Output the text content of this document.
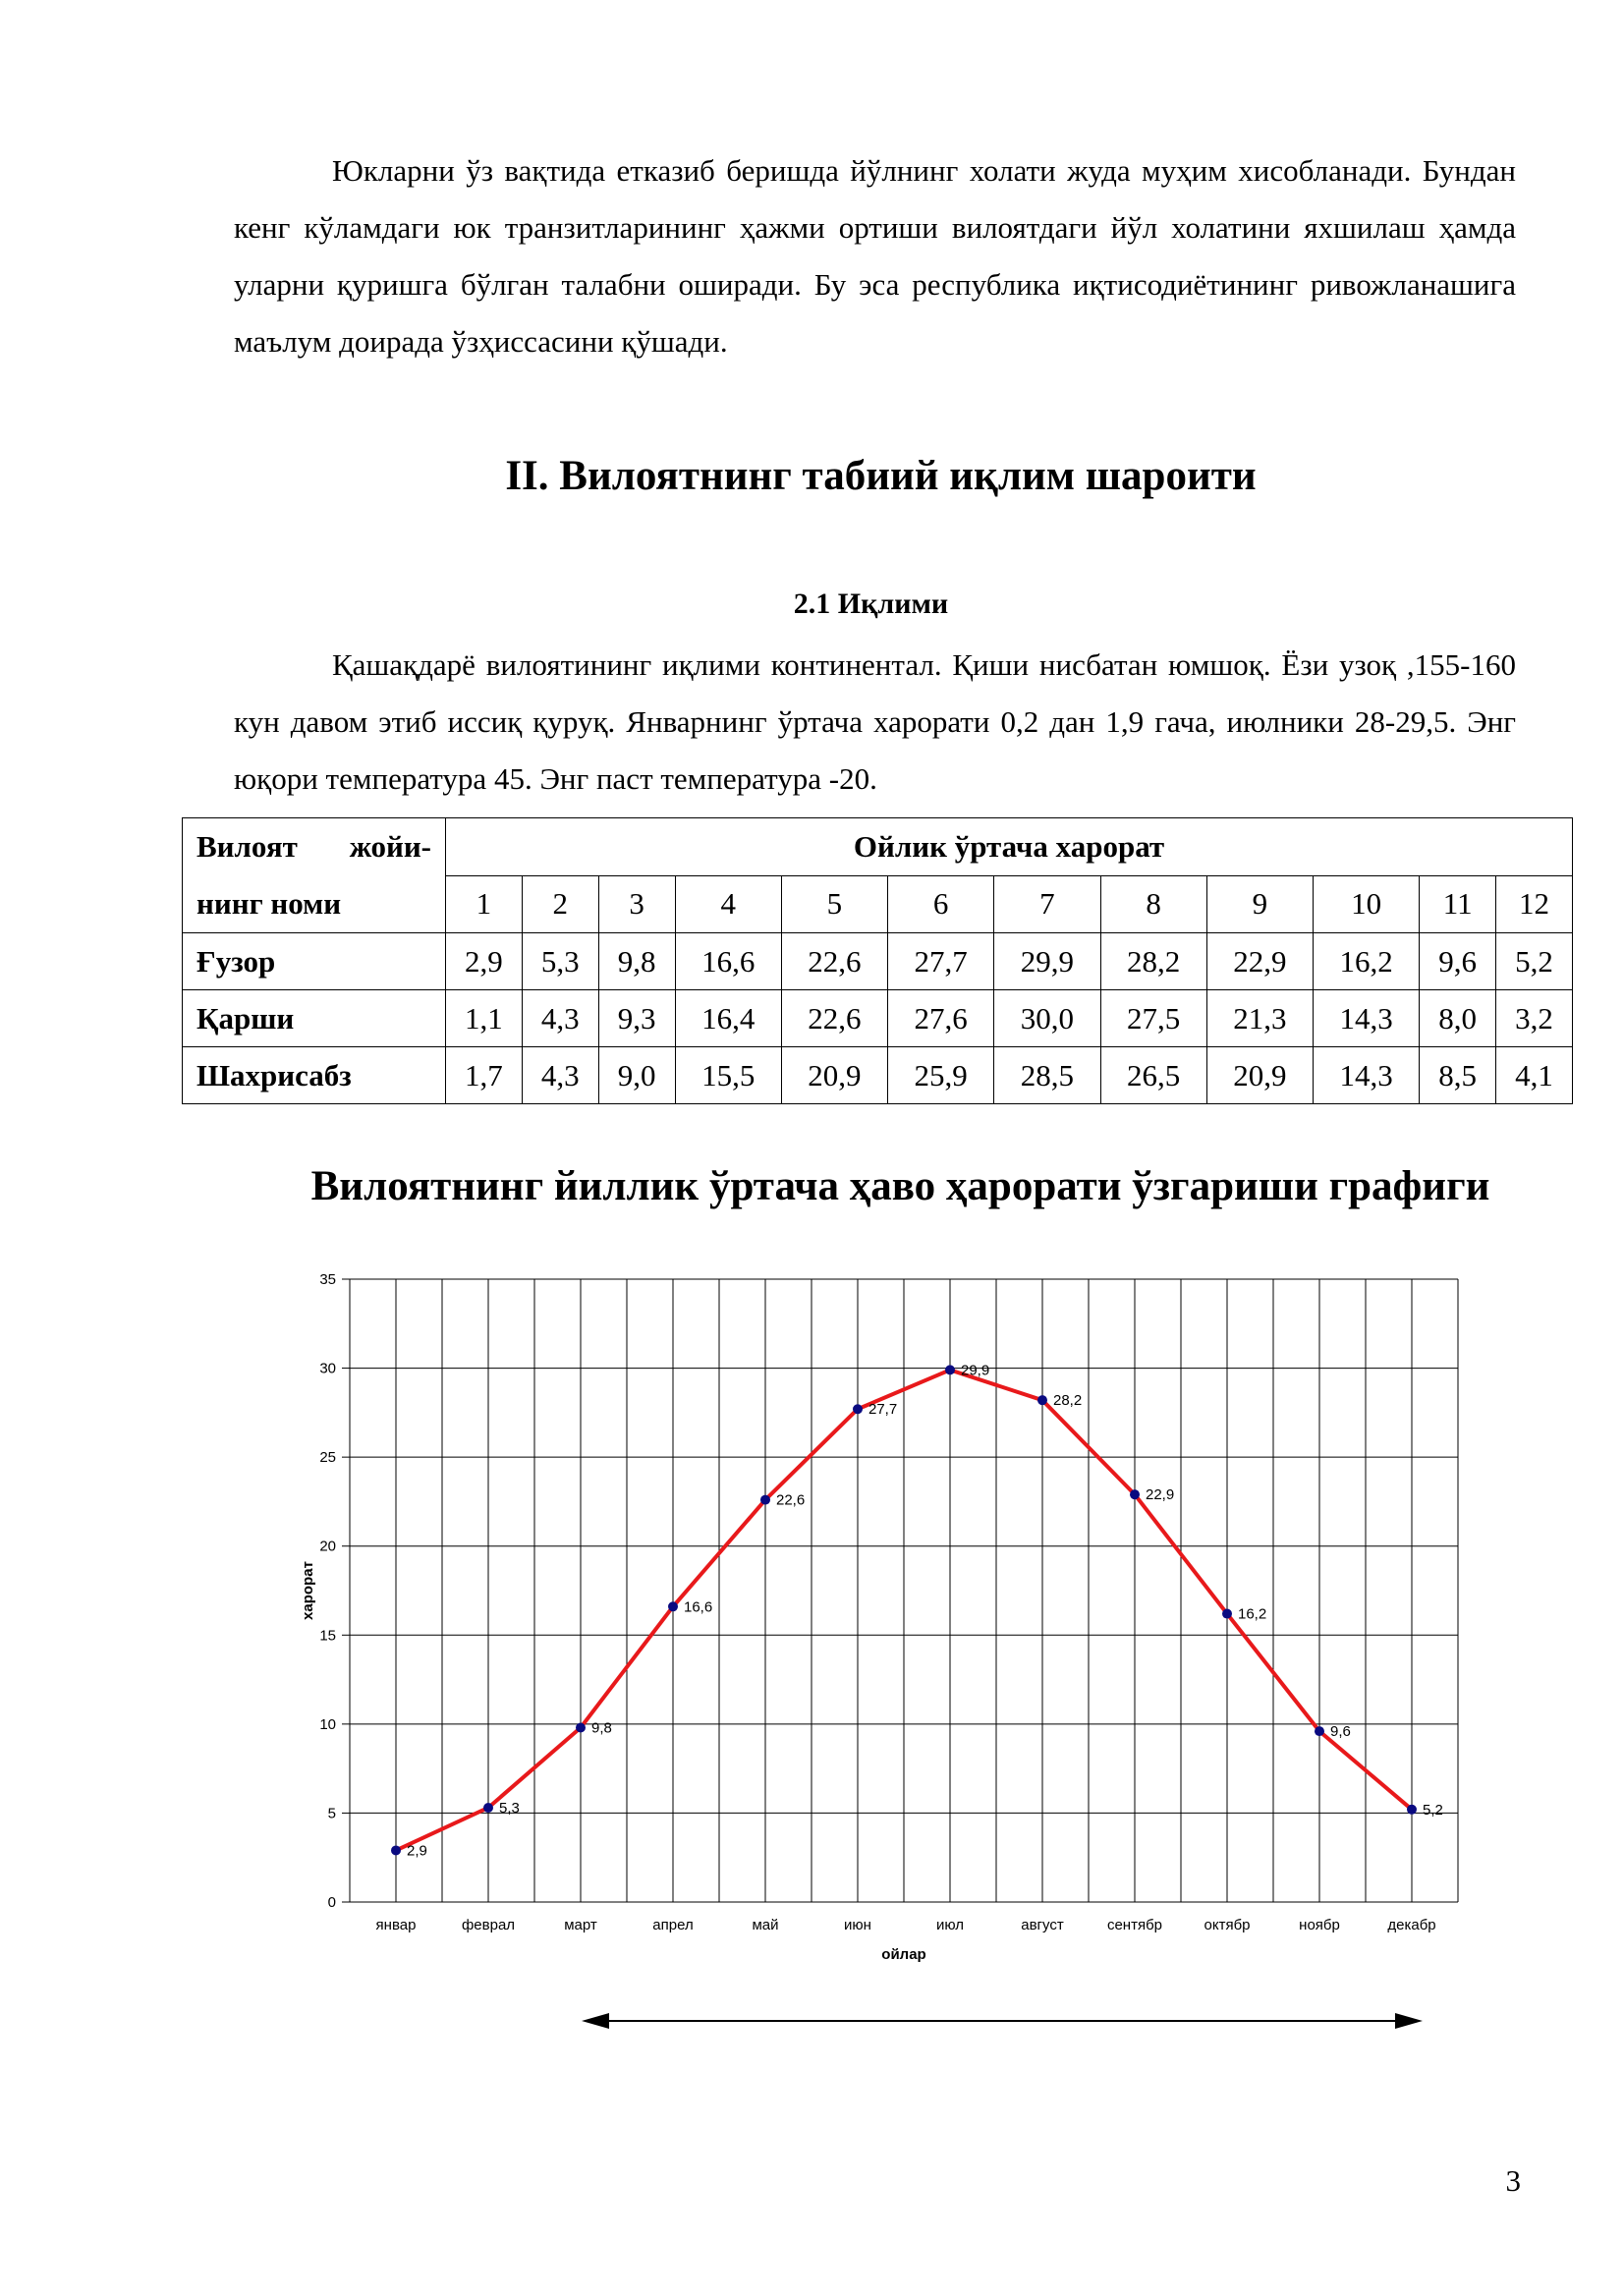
Юкларни ўз вақтида етказиб беришда йўлнинг холати жуда муҳим хисобланади. Бундан кенг кўламдаги юк транзитларининг ҳажми ортиши вилоятдаги йўл холатини яхшилаш ҳамда уларни қуришга бўлган талабни оширади. Бу эса республика иқтисодиётининг ривожланашига маълум доирада ўзҳиссасини қўшади.

II. Вилоятнинг табиий иқлим шароити
2.1 Иқлими

Қашақдарё вилоятининг иқлими континентал. Қиши нисбатан юмшоқ. Ёзи узоқ ,155-160 кун давом этиб иссиқ қуруқ. Январнинг ўртача харорати 0,2 дан 1,9 гача, июлники 28-29,5. Энг юқори температура 45. Энг паст температура -20.

Вилоят жойи-нинг номи	Ойлик ўртача харорат											
	1	2	3	4	5	6	7	8	9	10	11	12
Ғузор	2,9	5,3	9,8	16,6	22,6	27,7	29,9	28,2	22,9	16,2	9,6	5,2
Қарши	1,1	4,3	9,3	16,4	22,6	27,6	30,0	27,5	21,3	14,3	8,0	3,2
Шахрисабз	1,7	4,3	9,0	15,5	20,9	25,9	28,5	26,5	20,9	14,3	8,5	4,1
Вилоятнинг йиллик ўртача ҳаво ҳарорати ўзгариши графиги
0
5
10
15
20
25
30
35
январ	феврал	март	апрел	май	июн	июл	август	сентябр	октябр	ноябр	декабр
ойлар
харорат
2,9
5,3
9,8
16,6
22,6
27,7
29,9
28,2
22,9
16,2
9,6
5,2
3
